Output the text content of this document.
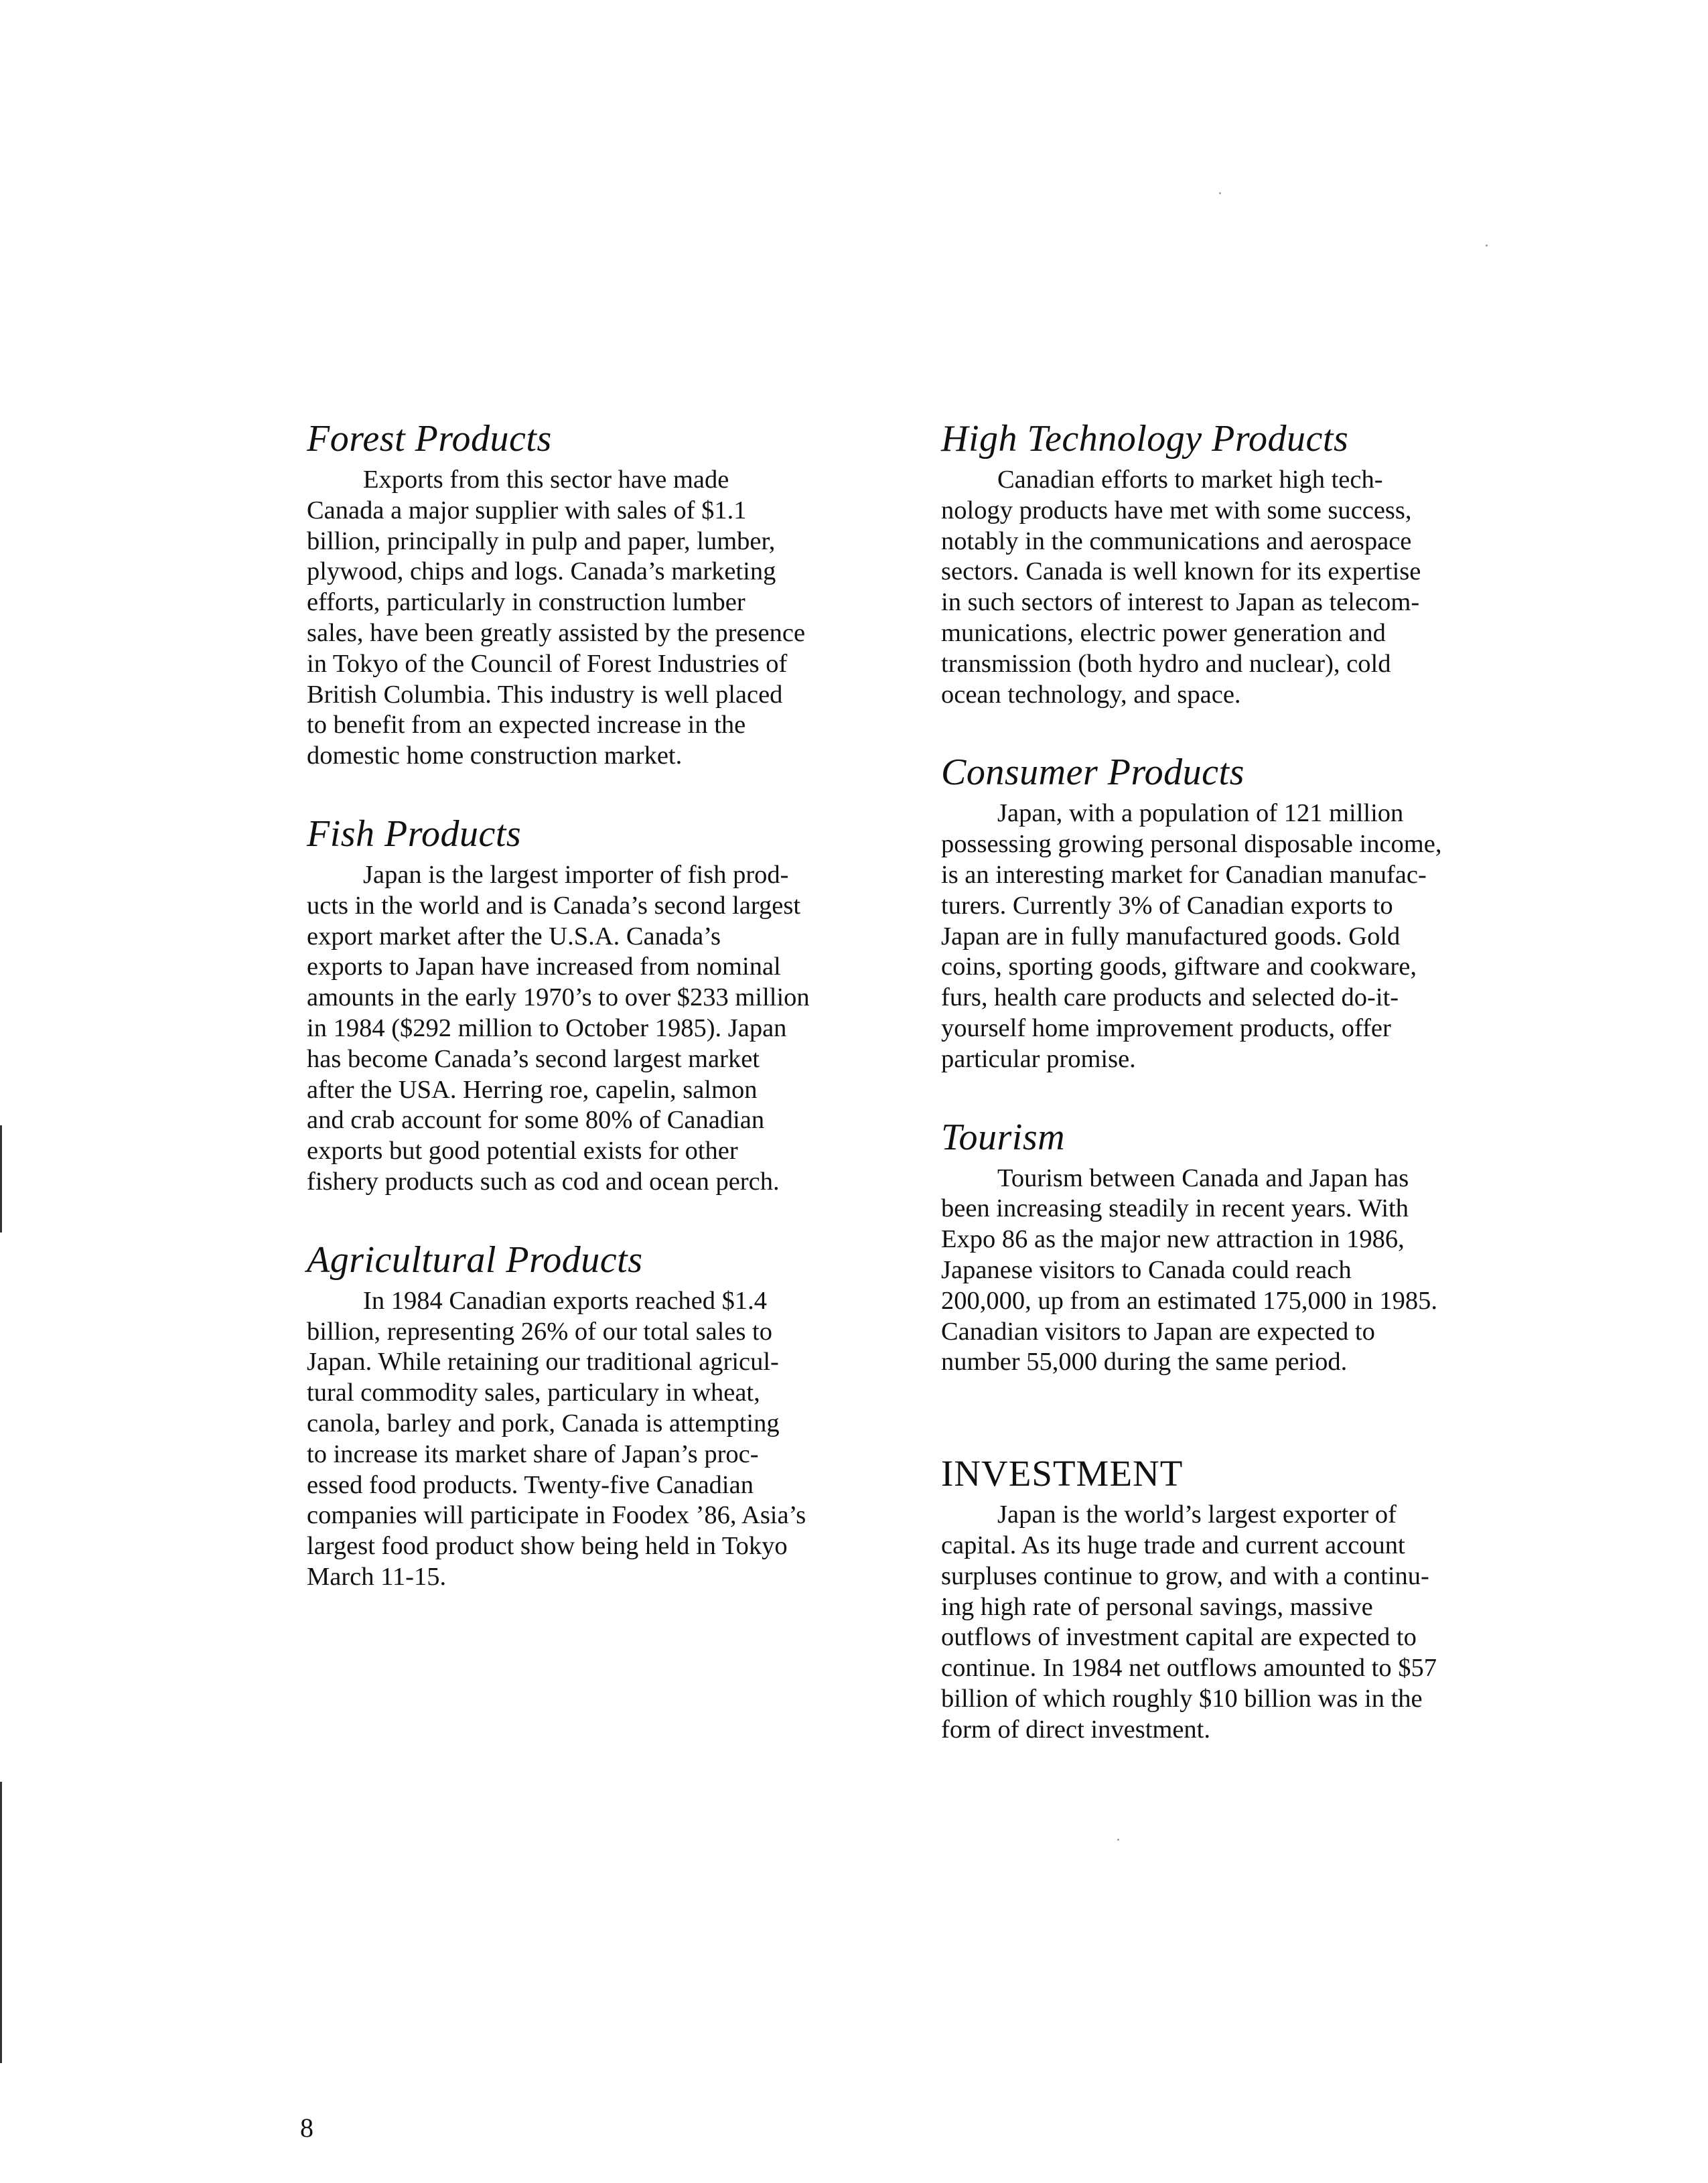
Forest Products

Exports from this sector have made
Canada a major supplier with sales of $1.1
billion, principally in pulp and paper, lumber,
plywood, chips and logs. Canada’s marketing
efforts, particularly in construction lumber
sales, have been greatly assisted by the presence
in Tokyo of the Council of Forest Industries of
British Columbia. This industry is well placed
to benefit from an expected increase in the
domestic home construction market.

Fish Products

Japan is the largest importer of fish prod-
ucts in the world and is Canada’s second largest
export market after the U.S.A. Canada’s
exports to Japan have increased from nominal
amounts in the early 1970’s to over $233 million
in 1984 ($292 million to October 1985). Japan
has become Canada’s second largest market
after the USA. Herring roe, capelin, salmon
and crab account for some 80% of Canadian
exports but good potential exists for other
fishery products such as cod and ocean perch.

Agricultural Products

In 1984 Canadian exports reached $1.4
billion, representing 26% of our total sales to
Japan. While retaining our traditional agricul-
tural commodity sales, particulary in wheat,
canola, barley and pork, Canada is attempting
to increase its market share of Japan’s proc-
essed food products. Twenty-five Canadian
companies will participate in Foodex ’86, Asia’s
largest food product show being held in Tokyo
March 11-15.

High Technology Products

Canadian efforts to market high tech-
nology products have met with some success,
notably in the communications and aerospace
sectors. Canada is well known for its expertise
in such sectors of interest to Japan as telecom-
munications, electric power generation and
transmission (both hydro and nuclear), cold
ocean technology, and space.

Consumer Products

Japan, with a population of 121 million
possessing growing personal disposable income,
is an interesting market for Canadian manufac-
turers. Currently 3% of Canadian exports to
Japan are in fully manufactured goods. Gold
coins, sporting goods, giftware and cookware,
furs, health care products and selected do-it-
yourself home improvement products, offer
particular promise.

Tourism

Tourism between Canada and Japan has
been increasing steadily in recent years. With
Expo 86 as the major new attraction in 1986,
Japanese visitors to Canada could reach
200,000, up from an estimated 175,000 in 1985.
Canadian visitors to Japan are expected to
number 55,000 during the same period.

INVESTMENT

Japan is the world’s largest exporter of
capital. As its huge trade and current account
surpluses continue to grow, and with a continu-
ing high rate of personal savings, massive
outflows of investment capital are expected to
continue. In 1984 net outflows amounted to $57
billion of which roughly $10 billion was in the
form of direct investment.

8
